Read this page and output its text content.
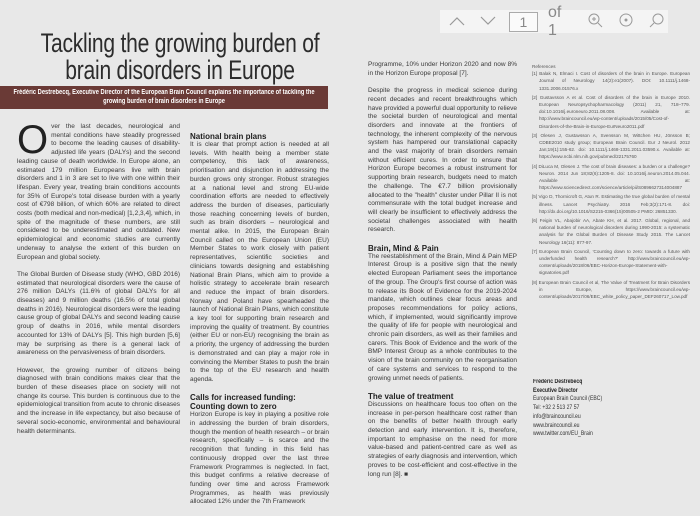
Tackling the growing burden of brain disorders in Europe
Frédéric Destrebecq, Executive Director of the European Brain Council explains the importance of tackling the growing burden of brain disorders in Europe

Over the last decades, neurological and mental conditions have steadily progressed to become the leading causes of disability-adjusted life years (DALYs) and the second leading cause of death worldwide. In Europe alone, an estimated 179 million Europeans live with brain disorders and 1 in 3 are set to live with one within their lifespan. Every year, treating brain conditions accounts for 35% of Europe's total disease burden with a yearly cost of €798 billion, of which 60% are related to direct costs (both medical and non-medical) [1,2,3,4], which, in spite of the magnitude of these numbers, are still considered to be underestimated and outdated. New epidemiological and economic studies are currently underway to analyse the extent of this burden on European and global society.

The Global Burden of Disease study (WHO, GBD 2016) estimated that neurological disorders were the cause of 276 million DALYs (11.6% of global DALYs for all diseases) and 9 million deaths (16.5% of total global deaths in 2016). Neurological disorders were the leading cause group of global DALYs and second leading cause group of deaths in 2016, while mental disorders accounted for 13% of DALYs [5]. This high burden [5,6] may be surprising as there is a general lack of awareness on the pervasiveness of brain disorders.

However, the growing number of citizens being diagnosed with brain conditions makes clear that the burden of these diseases place on society will not change its course. This burden is continuous due to the epidemiological transition from acute to chronic diseases and the increase in life expectancy, but also because of several socio-economic, environmental and behavioural health determinants.

National brain plans

It is clear that prompt action is needed at all levels. With health being a member state competency, this lack of awareness, prioritisation and disjunction in addressing the burden grows only stronger. Robust strategies at a national level and strong EU-wide coordination efforts are needed to effectively address the burden of diseases, particularly those reaching concerning levels of burden, such as brain disorders – neurological and mental alike. In 2015, the European Brain Council called on the European Union (EU) Member States to work closely with patient representatives, scientific societies and clinicians towards designing and establishing National Brain Plans, which aim to provide a holistic strategy to accelerate brain research and reduce the impact of brain disorders. Norway and Poland have spearheaded the launch of National Brain Plans, which constitute a key tool for supporting brain research and improving the quality of treatment. By countries (either EU or non-EU) recognising the brain as a priority, the urgency of addressing the burden is demonstrated and can play a major role in convincing the Member States to push the brain to the top of the EU research and health agenda.

Calls for increased funding:
Counting down to zero

Horizon Europe is key in playing a positive role in addressing the burden of brain disorders, though the mention of health research – or brain research, specifically – is scarce and the recognition that funding in this field has continuously dropped over the last three Framework Programmes is neglected. In fact, this budget confirms a relative decrease of funding over time and across Framework Programmes, as health was previously allocated 12% under the 7th Framework

Programme, 10% under Horizon 2020 and now 8% in the Horizon Europe proposal [7].

Despite the progress in medical science during recent decades and recent breakthroughs which have provided a powerful dual opportunity to relieve the societal burden of neurological and mental disorders and innovate at the frontiers of technology, the inherent complexity of the nervous system has hampered our translational capacity and the vast majority of brain disorders remain without efficient cures. In order to ensure that Horizon Europe becomes a robust instrument for supporting brain research, budgets need to match the challenge. The €7.7 billion provisionally allocated to the "health" cluster under Pillar II is not commensurate with the total budget increase and will clearly be insufficient to effectively address the societal challenges associated with health research.

Brain, Mind & Pain

The reestablishment of the Brain, Mind & Pain MEP Interest Group is a positive sign that the newly elected European Parliament sees the importance of the group. The Group's first course of action was to release its Book of Evidence for the 2019-2024 mandate, which outlines clear focus areas and proposes recommendations for policy actions, which, if implemented, would significantly improve the quality of life for people with neurological and chronic pain disorders, as well as their families and carers. This Book of Evidence and the work of the BMP Interest Group as a whole contributes to the vision of the brain community on the reorganisation of care systems and services to respond to the growing unmet needs of patients.

The value of treatment

Discussions on healthcare focus too often on the increase in per-person healthcare cost rather than on the benefits of better health through early detection and early intervention. It is, therefore, important to emphasise on the need for more value-based and patient-centred care as well as strategies of early diagnosis and intervention, which proves to be cost-efficient and cost-effective in the long run [8]. ■

References
[1] Balak N, Elmaci I. Cost of disorders of the brain in Europe. European Journal of Neurology 14(2):e1(2007). DOI: 10.1111/j.1468-1331.2006.01576.x
[2] Gustavsson A et al. Cost of disorders of the brain in Europe 2010. European Neuropsychopharmacology (2011) 21, 718–779. doi:10.1016/j.euroneuro.2011.08.008. Available at: http://www.braincouncil.eu/wp-content/uploads/2015/05/Cost-of-Disorders-of-the-Brain-in-Europe-EurNeuro2011.pdf
[3] Olesen J, Gustavsson A, Svensson M, Wittchen HU, Jönsson B; CDBE2010 study group; European Brain Council. Eur J Neurol. 2012 Jan;19(1):155-62. doi: 10.1111/j.1468-1331.2011.03590.x. Available at: https://www.ncbi.nlm.nih.gov/pubmed/22175760
[4] DiLuca M, Olesen J. The cost of brain diseases: a burden or a challenge? Neuron. 2014 Jun 18;82(6):1205-8. doi: 10.1016/j.neuron.2014.05.044. Available at: https://www.sciencedirect.com/science/article/pii/S0896627314004887
[5] Vigo D, Thornicroft G, Atun R. Estimating the true global burden of mental illness. Lancet Psychiatry. 2016 Feb;3(2):171-8. doi: http://dx.doi.org/10.1016/S2215-0366(15)00505-2 PMID: 26851330.
[6] Feigin VL, Abajobir AA, Abate KH, et al. 2017. Global, regional, and national burden of neurological disorders during 1990-2015: a systematic analysis for the Global Burden of Disease Study 2015. The Lancet Neurology 16(11): 877-97.
[7] European Brain Council, 'Counting down to zero: towards a future with underfunded health research?' http://www.braincouncil.eu/wp-content/uploads/2018/06/EBC-Horizon-Europe-Statement-with-signatories.pdf
[8] European Brain Council et al, The Value of Treatment for Brain Disorders in Europe, https://www.braincouncil.eu/wp-content/uploads/2017/06/EBC_white_policy_paper_DEF260717_Low.pdf
Frédéric Destrebecq
Executive Director
European Brain Council (EBC)
Tel: +32 2 513 27 57
info@braincouncil.eu
www.braincouncil.eu
www.twitter.com/EU_Brain
1
of 1
